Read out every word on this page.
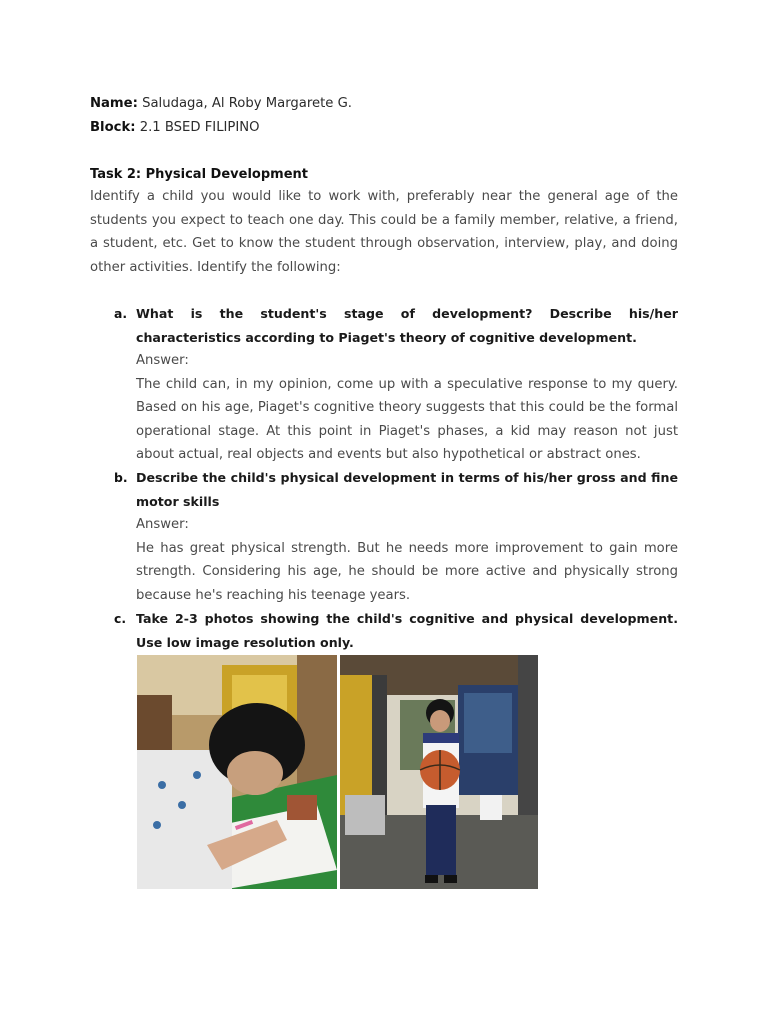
Name: Saludaga, Al Roby Margarete G.
Block: 2.1 BSED FILIPINO
Task 2: Physical Development

Identify a child you would like to work with, preferably near the general age of the students you expect to teach one day. This could be a family member, relative, a friend, a student, etc. Get to know the student through observation, interview, play, and doing other activities. Identify the following:

a. What is the student's stage of development? Describe his/her characteristics according to Piaget's theory of cognitive development.
Answer:
The child can, in my opinion, come up with a speculative response to my query. Based on his age, Piaget's cognitive theory suggests that this could be the formal operational stage. At this point in Piaget's phases, a kid may reason not just about actual, real objects and events but also hypothetical or abstract ones.
b. Describe the child's physical development in terms of his/her gross and fine motor skills
Answer:
He has great physical strength. But he needs more improvement to gain more strength. Considering his age, he should be more active and physically strong because he's reaching his teenage years.
c. Take 2-3 photos showing the child's cognitive and physical development. Use low image resolution only.
